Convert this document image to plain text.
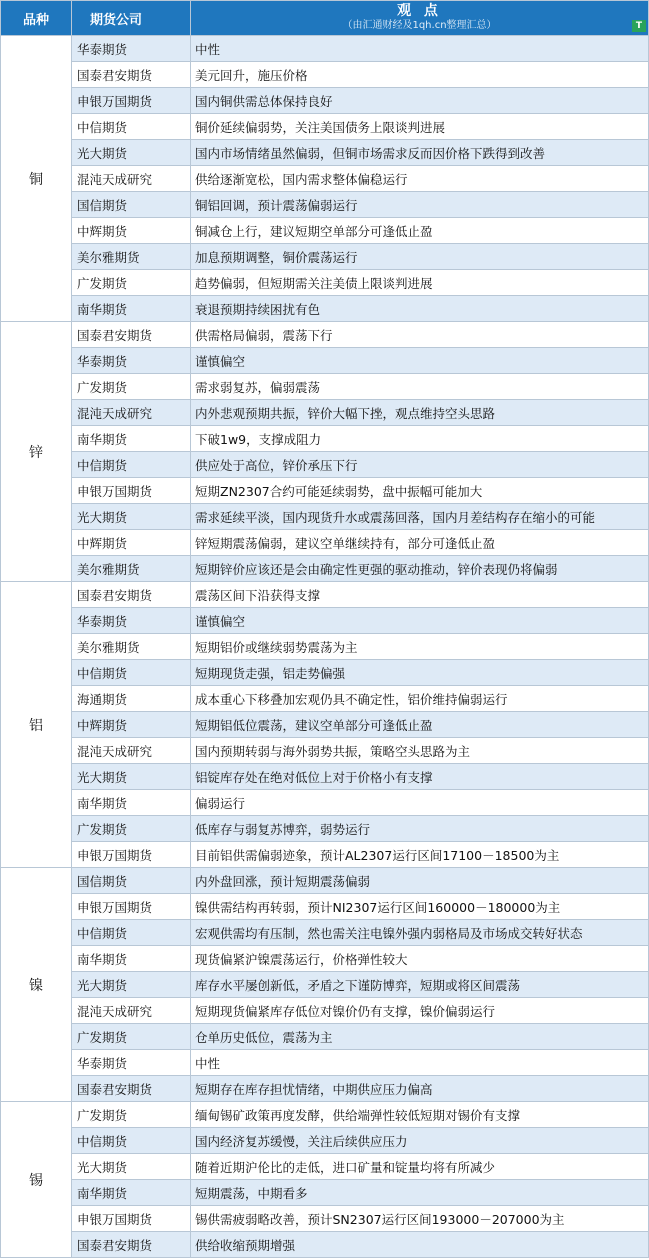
品种	期货公司	观 点
（由汇通财经及1qh.cn整理汇总） T

铜	华泰期货	中性
	国泰君安期货	美元回升，施压价格
	申银万国期货	国内铜供需总体保持良好
	中信期货	铜价延续偏弱势，关注美国债务上限谈判进展
	光大期货	国内市场情绪虽然偏弱，但铜市场需求反而因价格下跌得到改善
	混沌天成研究	供给逐渐宽松，国内需求整体偏稳运行
	国信期货	铜铝回调，预计震荡偏弱运行
	中辉期货	铜减仓上行，建议短期空单部分可逢低止盈
	美尔雅期货	加息预期调整，铜价震荡运行
	广发期货	趋势偏弱，但短期需关注美债上限谈判进展
	南华期货	衰退预期持续困扰有色
锌	国泰君安期货	供需格局偏弱，震荡下行
	华泰期货	谨慎偏空
	广发期货	需求弱复苏，偏弱震荡
	混沌天成研究	内外悲观预期共振，锌价大幅下挫，观点维持空头思路
	南华期货	下破1w9，支撑成阻力
	中信期货	供应处于高位，锌价承压下行
	申银万国期货	短期ZN2307合约可能延续弱势，盘中振幅可能加大
	光大期货	需求延续平淡，国内现货升水或震荡回落，国内月差结构存在缩小的可能
	中辉期货	锌短期震荡偏弱，建议空单继续持有，部分可逢低止盈
	美尔雅期货	短期锌价应该还是会由确定性更强的驱动推动，锌价表现仍将偏弱
铝	国泰君安期货	震荡区间下沿获得支撑
	华泰期货	谨慎偏空
	美尔雅期货	短期铝价或继续弱势震荡为主
	中信期货	短期现货走强，铝走势偏强
	海通期货	成本重心下移叠加宏观仍具不确定性，铝价维持偏弱运行
	中辉期货	短期铝低位震荡，建议空单部分可逢低止盈
	混沌天成研究	国内预期转弱与海外弱势共振，策略空头思路为主
	光大期货	铝锭库存处在绝对低位上对于价格小有支撑
	南华期货	偏弱运行
	广发期货	低库存与弱复苏博弈，弱势运行
	申银万国期货	目前铝供需偏弱迹象，预计AL2307运行区间17100－18500为主
镍	国信期货	内外盘回涨，预计短期震荡偏弱
	申银万国期货	镍供需结构再转弱，预计NI2307运行区间160000－180000为主
	中信期货	宏观供需均有压制，然也需关注电镍外强内弱格局及市场成交转好状态
	南华期货	现货偏紧沪镍震荡运行，价格弹性较大
	光大期货	库存水平屡创新低，矛盾之下谨防博弈，短期或将区间震荡
	混沌天成研究	短期现货偏紧库存低位对镍价仍有支撑，镍价偏弱运行
	广发期货	仓单历史低位，震荡为主
	华泰期货	中性
	国泰君安期货	短期存在库存担忧情绪，中期供应压力偏高
锡	广发期货	缅甸锡矿政策再度发酵，供给端弹性较低短期对锡价有支撑
	中信期货	国内经济复苏缓慢，关注后续供应压力
	光大期货	随着近期沪伦比的走低，进口矿量和锭量均将有所减少
	南华期货	短期震荡，中期看多
	申银万国期货	锡供需疲弱略改善，预计SN2307运行区间193000－207000为主
	国泰君安期货	供给收缩预期增强
